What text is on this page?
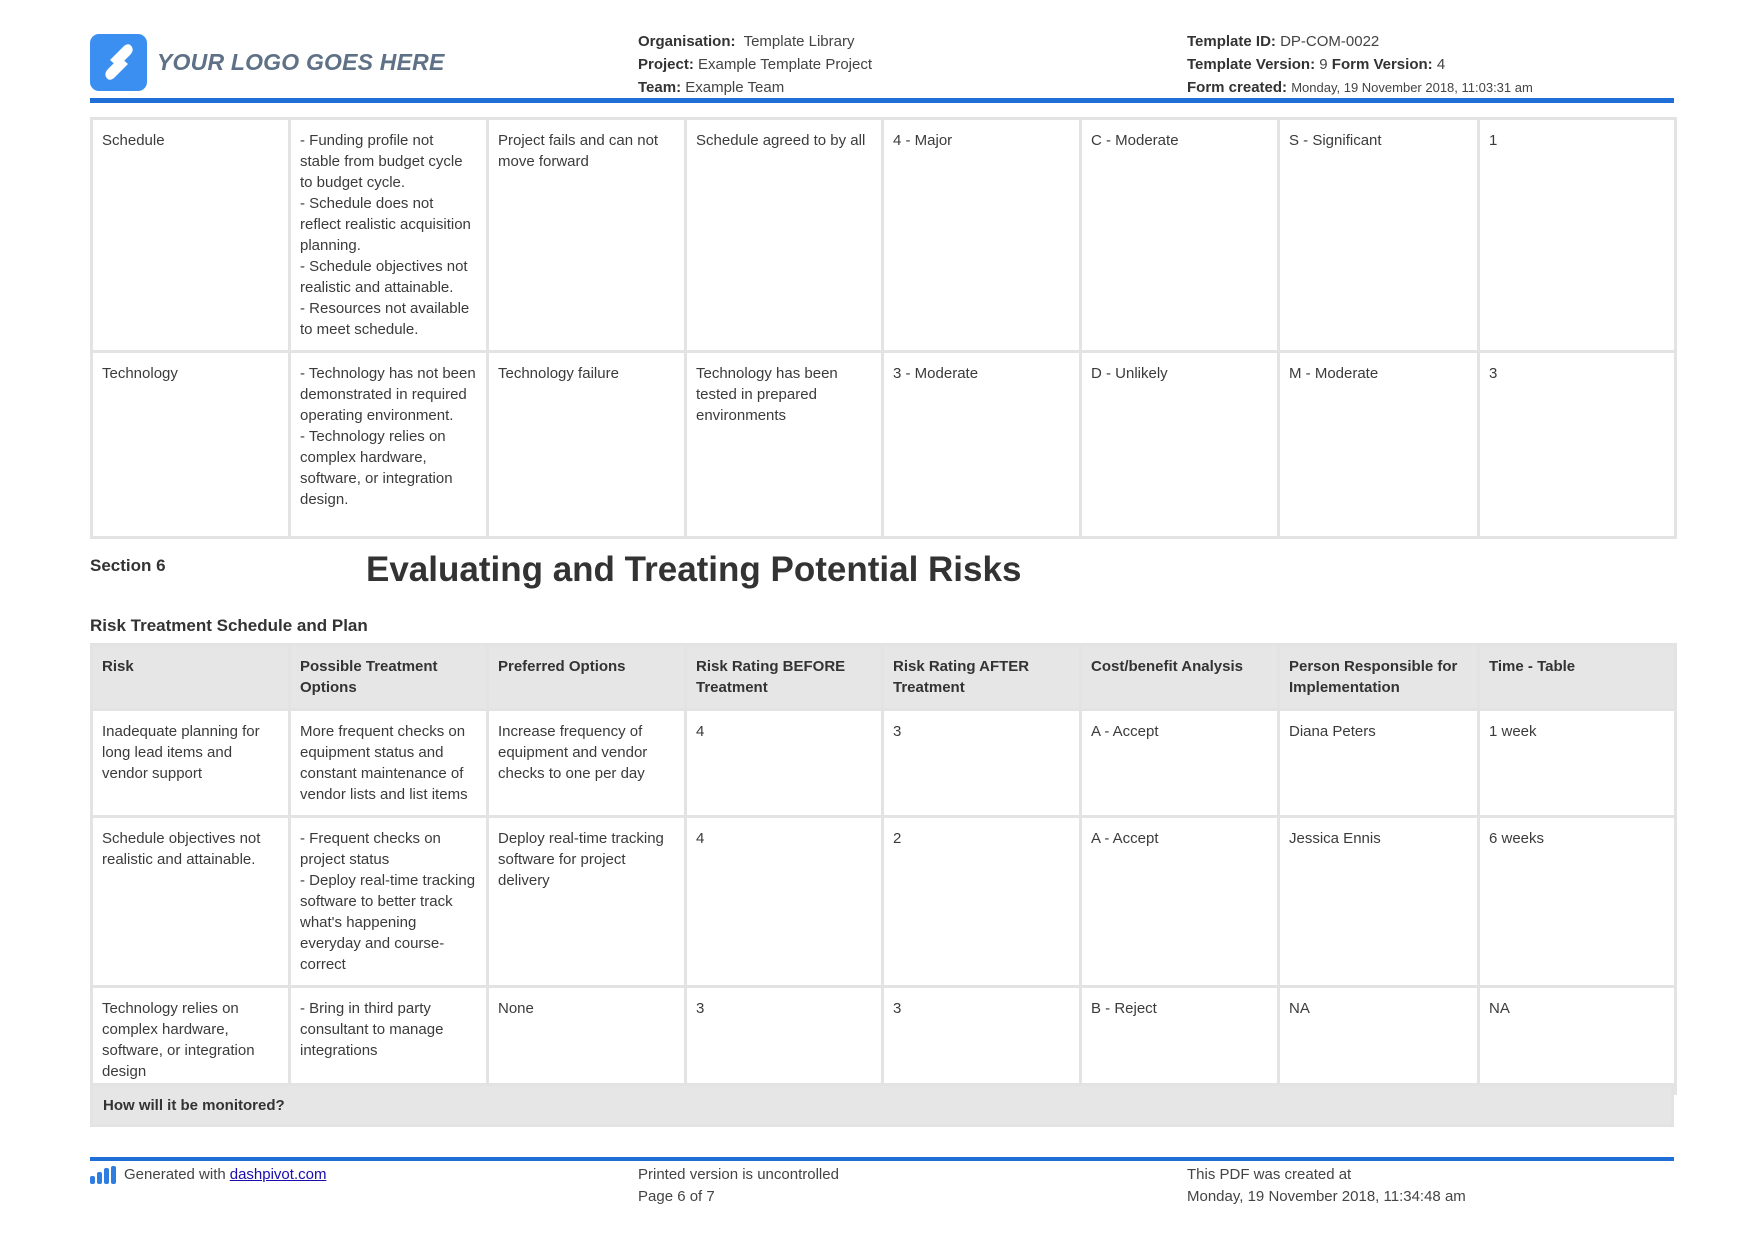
YOUR LOGO GOES HERE
Organisation: Template Library
Project: Example Template Project
Team: Example Team
Template ID: DP-COM-0022
Template Version: 9 Form Version: 4
Form created: Monday, 19 November 2018, 11:03:31 am
Schedule	- Funding profile not stable from budget cycle to budget cycle.
- Schedule does not reflect realistic acquisition planning.
- Schedule objectives not realistic and attainable.
- Resources not available to meet schedule.	Project fails and can not move forward	Schedule agreed to by all	4 - Major	C - Moderate	S - Significant	1
Technology	- Technology has not been demonstrated in required operating environment.
- Technology relies on complex hardware, software, or integration design.	Technology failure	Technology has been tested in prepared environments	3 - Moderate	D - Unlikely	M - Moderate	3
Section 6	Evaluating and Treating Potential Risks
Risk Treatment Schedule and Plan
Risk	Possible Treatment Options	Preferred Options	Risk Rating BEFORE Treatment	Risk Rating AFTER Treatment	Cost/benefit Analysis	Person Responsible for Implementation	Time - Table
Inadequate planning for long lead items and vendor support	More frequent checks on equipment status and constant maintenance of vendor lists and list items	Increase frequency of equipment and vendor checks to one per day	4	3	A - Accept	Diana Peters	1 week
Schedule objectives not realistic and attainable.	- Frequent checks on project status
- Deploy real-time tracking software to better track what's happening everyday and course-correct	Deploy real-time tracking software for project delivery	4	2	A - Accept	Jessica Ennis	6 weeks
Technology relies on complex hardware, software, or integration design	- Bring in third party consultant to manage integrations	None	3	3	B - Reject	NA	NA
How will it be monitored?
Generated with dashpivot.com	Printed version is uncontrolled
Page 6 of 7
This PDF was created at
Monday, 19 November 2018, 11:34:48 am
